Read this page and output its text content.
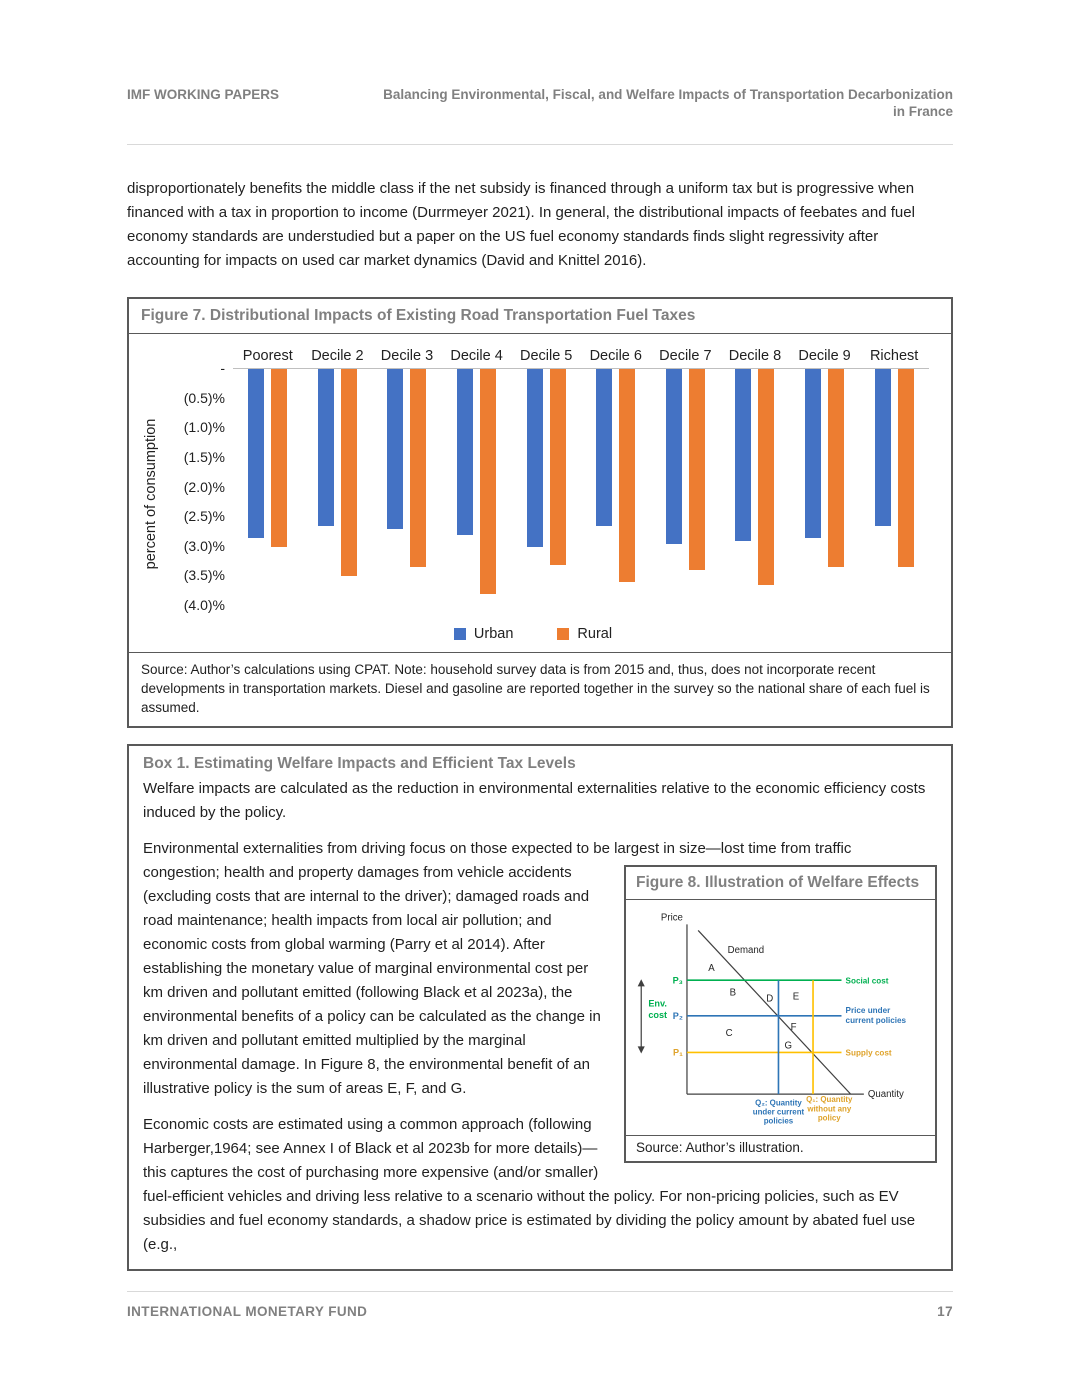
IMF WORKING PAPERS	Balancing Environmental, Fiscal, and Welfare Impacts of Transportation Decarbonization
in France

disproportionately benefits the middle class if the net subsidy is financed through a uniform tax but is progressive when financed with a tax in proportion to income (Durrmeyer 2021). In general, the distributional impacts of feebates and fuel economy standards are understudied but a paper on the US fuel economy standards finds slight regressivity after accounting for impacts on used car market dynamics (David and Knittel 2016).

Figure 7. Distributional Impacts of Existing Road Transportation Fuel Taxes
Poorest	Decile 2	Decile 3	Decile 4	Decile 5	Decile 6	Decile 7	Decile 8	Decile 9	Richest
percent of consumption
-
(0.5)%
(1.0)%
(1.5)%
(2.0)%
(2.5)%
(3.0)%
(3.5)%
(4.0)%
Urban	Rural
Source: Author’s calculations using CPAT. Note: household survey data is from 2015 and, thus, does not incorporate recent developments in transportation markets. Diesel and gasoline are reported together in the survey so the national share of each fuel is assumed.
Box 1. Estimating Welfare Impacts and Efficient Tax Levels

Welfare impacts are calculated as the reduction in environmental externalities relative to the economic efficiency costs induced by the policy.

Environmental externalities from driving focus on those expected to be largest in size—lost time from traffic

Figure 8. Illustration of Welfare Effects
Price
Quantity
Demand
P₃
P₂
P₁
Env.
cost
Social cost
Price under
current policies
Supply cost
A
B
C
D E
F
G
Q₂: Quantity
under current
policies
Q₁: Quantity
without any
policy
Source: Author’s illustration.

congestion; health and property damages from vehicle accidents (excluding costs that are internal to the driver); damaged roads and road maintenance; health impacts from local air pollution; and economic costs from global warming (Parry et al 2014). After establishing the monetary value of marginal environmental cost per km driven and pollutant emitted (following Black et al 2023a), the environmental benefits of a policy can be calculated as the change in km driven and pollutant emitted multiplied by the marginal environmental damage. In Figure 8, the environmental benefit of an illustrative policy is the sum of areas E, F, and G.

Economic costs are estimated using a common approach (following Harberger,1964; see Annex I of Black et al 2023b for more details)—this captures the cost of purchasing more expensive (and/or smaller) fuel-efficient vehicles and driving less relative to a scenario without the policy. For non-pricing policies, such as EV subsidies and fuel economy standards, a shadow price is estimated by dividing the policy amount by abated fuel use (e.g.,

INTERNATIONAL MONETARY FUND	17
